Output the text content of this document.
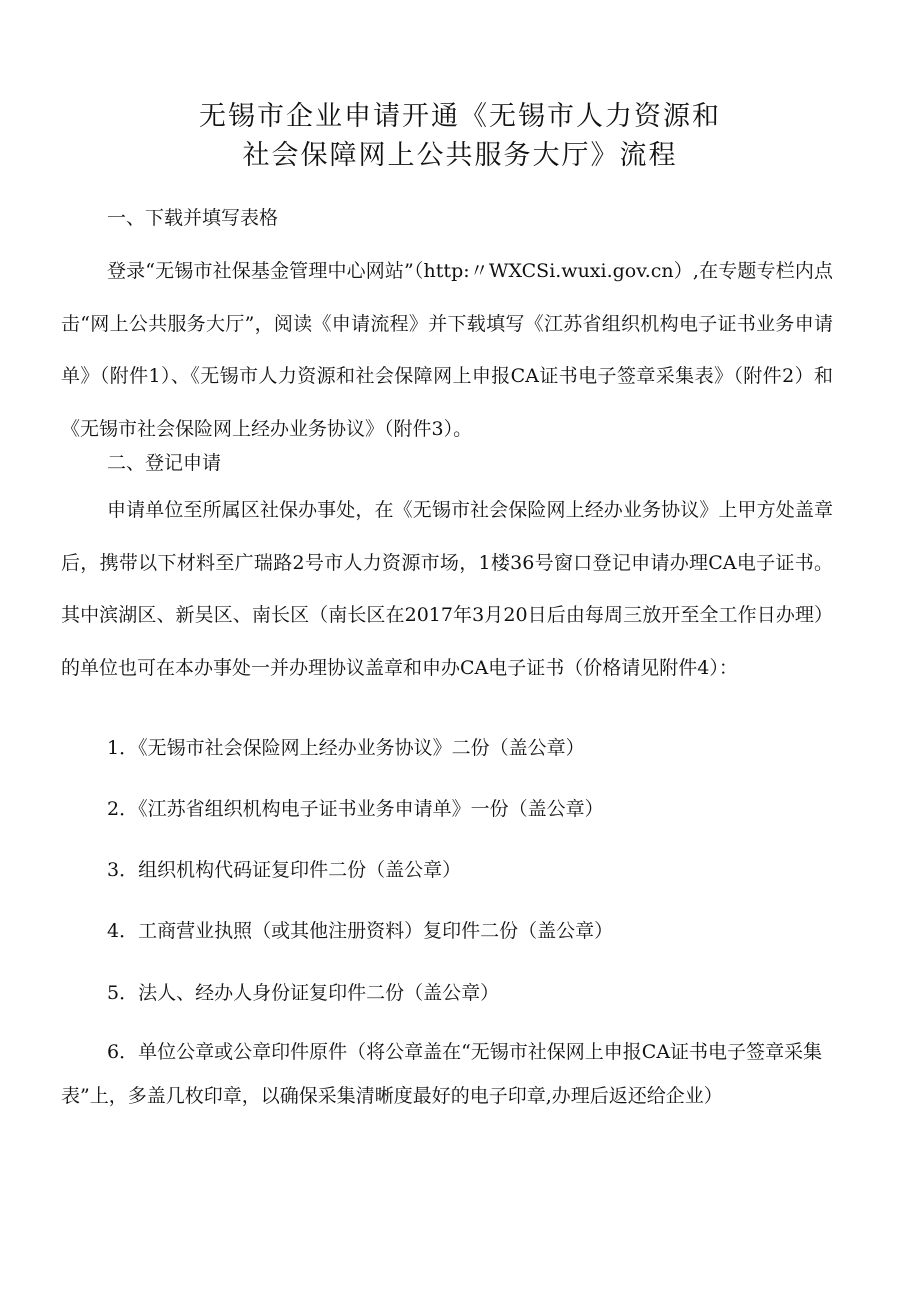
无锡市企业申请开通《无锡市人力资源和
社会保障网上公共服务大厅》流程
一、下载并填写表格
登录“无锡市社保基金管理中心网站”（http:〃WXCSi.wuxi.gov.cn）,在专题专栏内点击“网上公共服务大厅”，阅读《申请流程》并下载填写《江苏省组织机构电子证书业务申请单》（附件1）、《无锡市人力资源和社会保障网上申报CA证书电子签章采集表》（附件2）和《无锡市社会保险网上经办业务协议》（附件3）。
二、登记申请
申请单位至所属区社保办事处，在《无锡市社会保险网上经办业务协议》上甲方处盖章后，携带以下材料至广瑞路2号市人力资源市场，1楼36号窗口登记申请办理CA电子证书。其中滨湖区、新吴区、南长区（南长区在2017年3月20日后由每周三放开至全工作日办理）的单位也可在本办事处一并办理协议盖章和申办CA电子证书（价格请见附件4）：
1．《无锡市社会保险网上经办业务协议》二份（盖公章）
2．《江苏省组织机构电子证书业务申请单》一份（盖公章）
3．组织机构代码证复印件二份（盖公章）
4．工商营业执照（或其他注册资料）复印件二份（盖公章）
5．法人、经办人身份证复印件二份（盖公章）
6．单位公章或公章印件原件（将公章盖在“无锡市社保网上申报CA证书电子签章采集表”上，多盖几枚印章，以确保采集清晰度最好的电子印章,办理后返还给企业）
